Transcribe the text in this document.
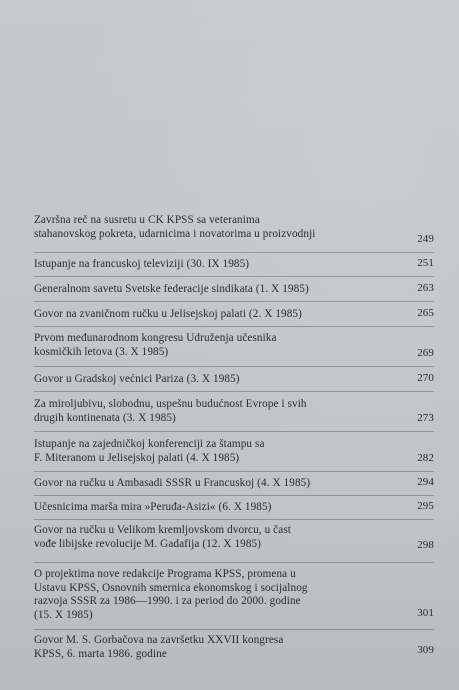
Završna reč na susretu u CK KPSS sa veteranima
stahanovskog pokreta, udarnicima i novatorima u proizvodnji	249
Istupanje na francuskoj televiziji (30. IX 1985)	251
Generalnom savetu Svetske federacije sindikata (1. X 1985)	263
Govor na zvaničnom ručku u Jelisejskoj palati (2. X 1985)	265
Prvom međunarodnom kongresu Udruženja učesnika
kosmičkih letova (3. X 1985)	269
Govor u Gradskoj većnici Pariza (3. X 1985)	270
Za miroljubivu, slobodnu, uspešnu budućnost Evrope i svih
drugih kontinenata (3. X 1985)	273
Istupanje na zajedničkoj konferenciji za štampu sa
F. Miteranom u Jelisejskoj palati (4. X 1985)	282
Govor na ručku u Ambasadi SSSR u Francuskoj (4. X 1985)	294
Učesnicima marša mira »Peruđa-Asizi« (6. X 1985)	295
Govor na ručku u Velikom kremljovskom dvorcu, u čast
vođe libijske revolucije M. Gadafija (12. X 1985)	298
O projektima nove redakcije Programa KPSS, promena u
Ustavu KPSS, Osnovnih smernica ekonomskog i socijalnog
razvoja SSSR za 1986—1990. i za period do 2000. godine
(15. X 1985)	301
Govor M. S. Gorbačova na završetku XXVII kongresa
KPSS, 6. marta 1986. godine	309
